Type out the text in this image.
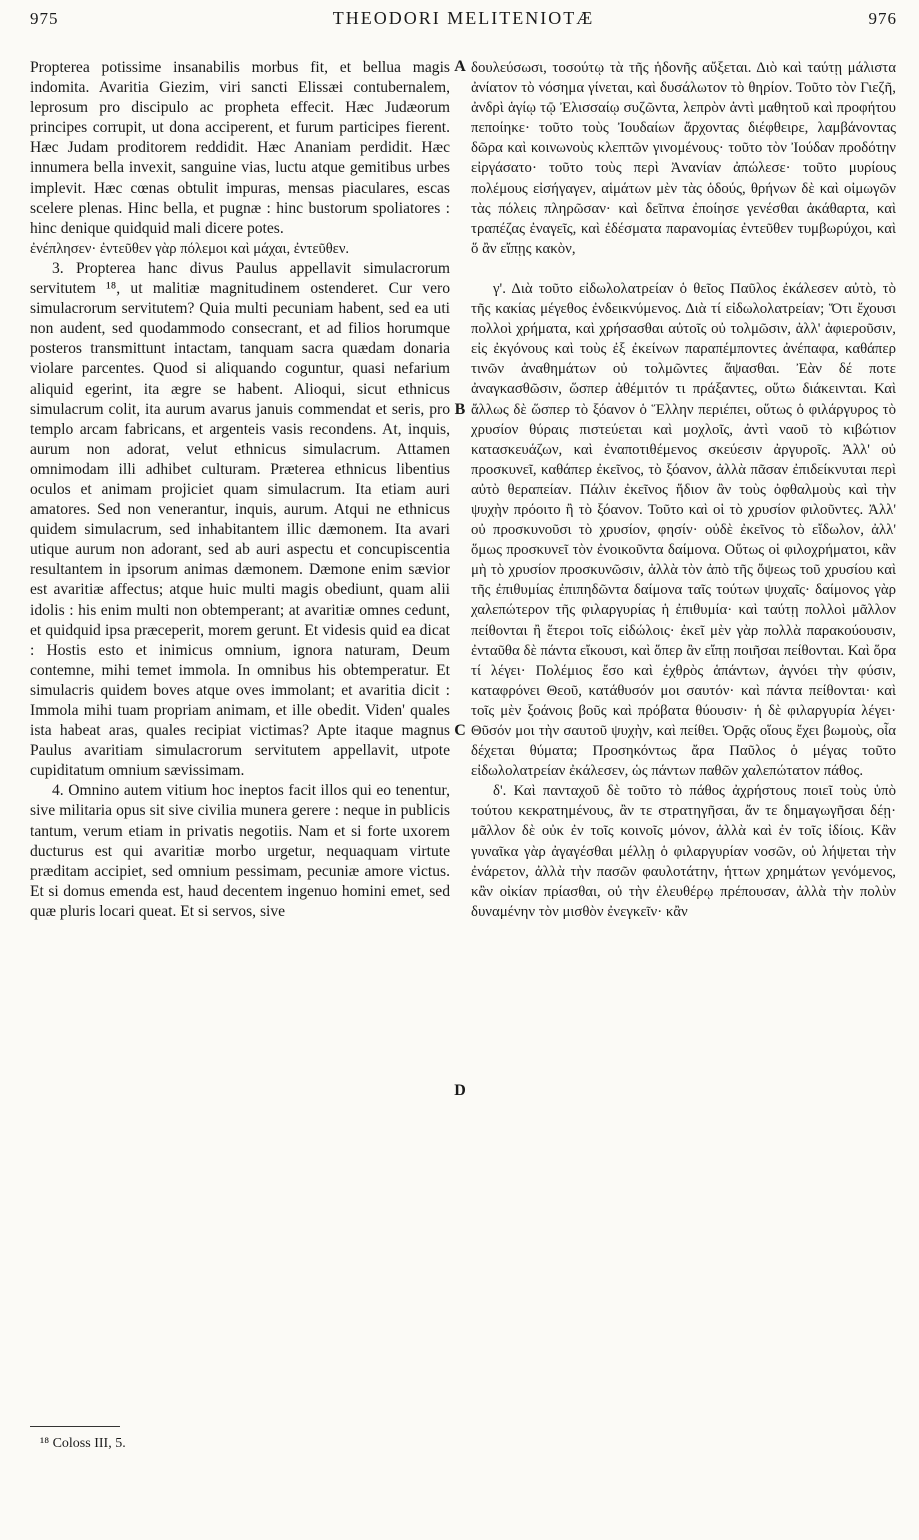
975	THEODORI MELITENIOTÆ	976

Propterea potissime insanabilis morbus fit, et bellua magis indomita. Avaritia Giezim, viri sancti Elissæi contubernalem, leprosum pro discipulo ac propheta effecit. Hæc Judæorum principes corrupit, ut dona acciperent, et furum participes fierent. Hæc Judam proditorem reddidit. Hæc Ananiam perdidit. Hæc innumera bella invexit, sanguine vias, luctu atque gemitibus urbes implevit. Hæc cœnas obtulit impuras, mensas piaculares, escas scelere plenas. Hinc bella, et pugnæ : hinc bustorum spoliatores : hinc denique quidquid mali dicere potes.

ἐνέπλησεν· ἐντεῦθεν γὰρ πόλεμοι καὶ μάχαι, ἐντεῦθεν.

3. Propterea hanc divus Paulus appellavit simulacrorum servitutem ¹⁸, ut malitiæ magnitudinem ostenderet. Cur vero simulacrorum servitutem? Quia multi pecuniam habent, sed ea uti non audent, sed quodammodo consecrant, et ad filios horumque posteros transmittunt intactam, tanquam sacra quædam donaria violare parcentes. Quod si aliquando coguntur, quasi nefarium aliquid egerint, ita ægre se habent. Alioqui, sicut ethnicus simulacrum colit, ita aurum avarus januis commendat et seris, pro templo arcam fabricans, et argenteis vasis recondens. At, inquis, aurum non adorat, velut ethnicus simulacrum. Attamen omnimodam illi adhibet culturam. Præterea ethnicus libentius oculos et animam projiciet quam simulacrum. Ita etiam auri amatores. Sed non venerantur, inquis, aurum. Atqui ne ethnicus quidem simulacrum, sed inhabitantem illic dæmonem. Ita avari utique aurum non adorant, sed ab auri aspectu et concupiscentia resultantem in ipsorum animas dæmonem. Dæmone enim sævior est avaritiæ affectus; atque huic multi magis obediunt, quam alii idolis : his enim multi non obtemperant; at avaritiæ omnes cedunt, et quidquid ipsa præceperit, morem gerunt. Et videsis quid ea dicat : Hostis esto et inimicus omnium, ignora naturam, Deum contemne, mihi temet immola. In omnibus his obtemperatur. Et simulacris quidem boves atque oves immolant; et avaritia dicit : Immola mihi tuam propriam animam, et ille obedit. Viden' quales ista habeat aras, quales recipiat victimas? Apte itaque magnus Paulus avaritiam simulacrorum servitutem appellavit, utpote cupiditatum omnium sævissimam.

4. Omnino autem vitium hoc ineptos facit illos qui eo tenentur, sive militaria opus sit sive civilia munera gerere : neque in publicis tantum, verum etiam in privatis negotiis. Nam et si forte uxorem ducturus est qui avaritiæ morbo urgetur, nequaquam virtute præditam accipiet, sed omnium pessimam, pecuniæ amore victus. Et si domus emenda est, haud decentem ingenuo homini emet, sed quæ pluris locari queat. Et si servos, sive

A
B
C
D

δουλεύσωσι, τοσούτῳ τὰ τῆς ἡδονῆς αὔξεται. Διὸ καὶ ταύτῃ μάλιστα ἀνίατον τὸ νόσημα γίνεται, καὶ δυσάλωτον τὸ θηρίον. Τοῦτο τὸν Γιεζῆ, ἀνδρὶ ἁγίῳ τῷ Ἐλισσαίῳ συζῶντα, λεπρὸν ἀντὶ μαθητοῦ καὶ προφήτου πεποίηκε· τοῦτο τοὺς Ἰουδαίων ἄρχοντας διέφθειρε, λαμβάνοντας δῶρα καὶ κοινωνοὺς κλεπτῶν γινομένους· τοῦτο τὸν Ἰούδαν προδότην εἰργάσατο· τοῦτο τοὺς περὶ Ἀνανίαν ἀπώλεσε· τοῦτο μυρίους πολέμους εἰσήγαγεν, αἱμάτων μὲν τὰς ὁδούς, θρήνων δὲ καὶ οἰμωγῶν τὰς πόλεις πληρῶσαν· καὶ δεῖπνα ἐποίησε γενέσθαι ἀκάθαρτα, καὶ τραπέζας ἐναγεῖς, καὶ ἐδέσματα παρανομίας ἐντεῦθεν τυμβωρύχοι, καὶ ὅ ἂν εἴπῃς κακὸν,

γ'. Διὰ τοῦτο εἰδωλολατρείαν ὁ θεῖος Παῦλος ἐκάλεσεν αὐτὸ, τὸ τῆς κακίας μέγεθος ἐνδεικνύμενος. Διὰ τί εἰδωλολατρείαν; Ὅτι ἔχουσι πολλοὶ χρήματα, καὶ χρήσασθαι αὐτοῖς οὐ τολμῶσιν, ἀλλ' ἀφιεροῦσιν, εἰς ἐκγόνους καὶ τοὺς ἐξ ἐκείνων παραπέμποντες ἀνέπαφα, καθάπερ τινῶν ἀναθημάτων οὐ τολμῶντες ἅψασθαι. Ἐὰν δέ ποτε ἀναγκασθῶσιν, ὥσπερ ἀθέμιτόν τι πράξαντες, οὕτω διάκεινται. Καὶ ἄλλως δὲ ὥσπερ τὸ ξόανον ὁ Ἕλλην περιέπει, οὕτως ὁ φιλάργυρος τὸ χρυσίον θύραις πιστεύεται καὶ μοχλοῖς, ἀντὶ ναοῦ τὸ κιβώτιον κατασκευάζων, καὶ ἐναποτιθέμενος σκεύεσιν ἀργυροῖς. Ἀλλ' οὐ προσκυνεῖ, καθάπερ ἐκεῖνος, τὸ ξόανον, ἀλλὰ πᾶσαν ἐπιδείκνυται περὶ αὐτὸ θεραπείαν. Πάλιν ἐκεῖνος ἥδιον ἂν τοὺς ὀφθαλμοὺς καὶ τὴν ψυχὴν πρόοιτο ἢ τὸ ξόανον. Τοῦτο καὶ οἱ τὸ χρυσίον φιλοῦντες. Ἀλλ' οὐ προσκυνοῦσι τὸ χρυσίον, φησίν· οὐδὲ ἐκεῖνος τὸ εἴδωλον, ἀλλ' ὅμως προσκυνεῖ τὸν ἐνοικοῦντα δαίμονα. Οὕτως οἱ φιλοχρήματοι, κἂν μὴ τὸ χρυσίον προσκυνῶσιν, ἀλλὰ τὸν ἀπὸ τῆς ὄψεως τοῦ χρυσίου καὶ τῆς ἐπιθυμίας ἐπιπηδῶντα δαίμονα ταῖς τούτων ψυχαῖς· δαίμονος γὰρ χαλεπώτερον τῆς φιλαργυρίας ἡ ἐπιθυμία· καὶ ταύτῃ πολλοὶ μᾶλλον πείθονται ἢ ἕτεροι τοῖς εἰδώλοις· ἐκεῖ μὲν γὰρ πολλὰ παρακούουσιν, ἐνταῦθα δὲ πάντα εἴκουσι, καὶ ὅπερ ἂν εἴπῃ ποιῆσαι πείθονται. Καὶ ὅρα τί λέγει· Πολέμιος ἔσο καὶ ἐχθρὸς ἁπάντων, ἀγνόει τὴν φύσιν, καταφρόνει Θεοῦ, κατάθυσόν μοι σαυτόν· καὶ πάντα πείθονται· καὶ τοῖς μὲν ξοάνοις βοῦς καὶ πρόβατα θύουσιν· ἡ δὲ φιλαργυρία λέγει· Θῦσόν μοι τὴν σαυτοῦ ψυχὴν, καὶ πείθει. Ὁρᾷς οἵους ἔχει βωμοὺς, οἷα δέχεται θύματα; Προσηκόντως ἄρα Παῦλος ὁ μέγας τοῦτο εἰδωλολατρείαν ἐκάλεσεν, ὡς πάντων παθῶν χαλεπώτατον πάθος.

δ'. Καὶ πανταχοῦ δὲ τοῦτο τὸ πάθος ἀχρήστους ποιεῖ τοὺς ὑπὸ τούτου κεκρατημένους, ἂν τε στρατηγῆσαι, ἄν τε δημαγωγῆσαι δέῃ· μᾶλλον δὲ οὐκ ἐν τοῖς κοινοῖς μόνον, ἀλλὰ καὶ ἐν τοῖς ἰδίοις. Κἂν γυναῖκα γὰρ ἀγαγέσθαι μέλλῃ ὁ φιλαργυρίαν νοσῶν, οὐ λήψεται τὴν ἐνάρετον, ἀλλὰ τὴν πασῶν φαυλοτάτην, ἡττων χρημάτων γενόμενος, κἂν οἰκίαν πρίασθαι, οὐ τὴν ἐλευθέρῳ πρέπουσαν, ἀλλὰ τὴν πολὺν δυναμένην τὸν μισθὸν ἐνεγκεῖν· κἂν

¹⁸ Coloss III, 5.
